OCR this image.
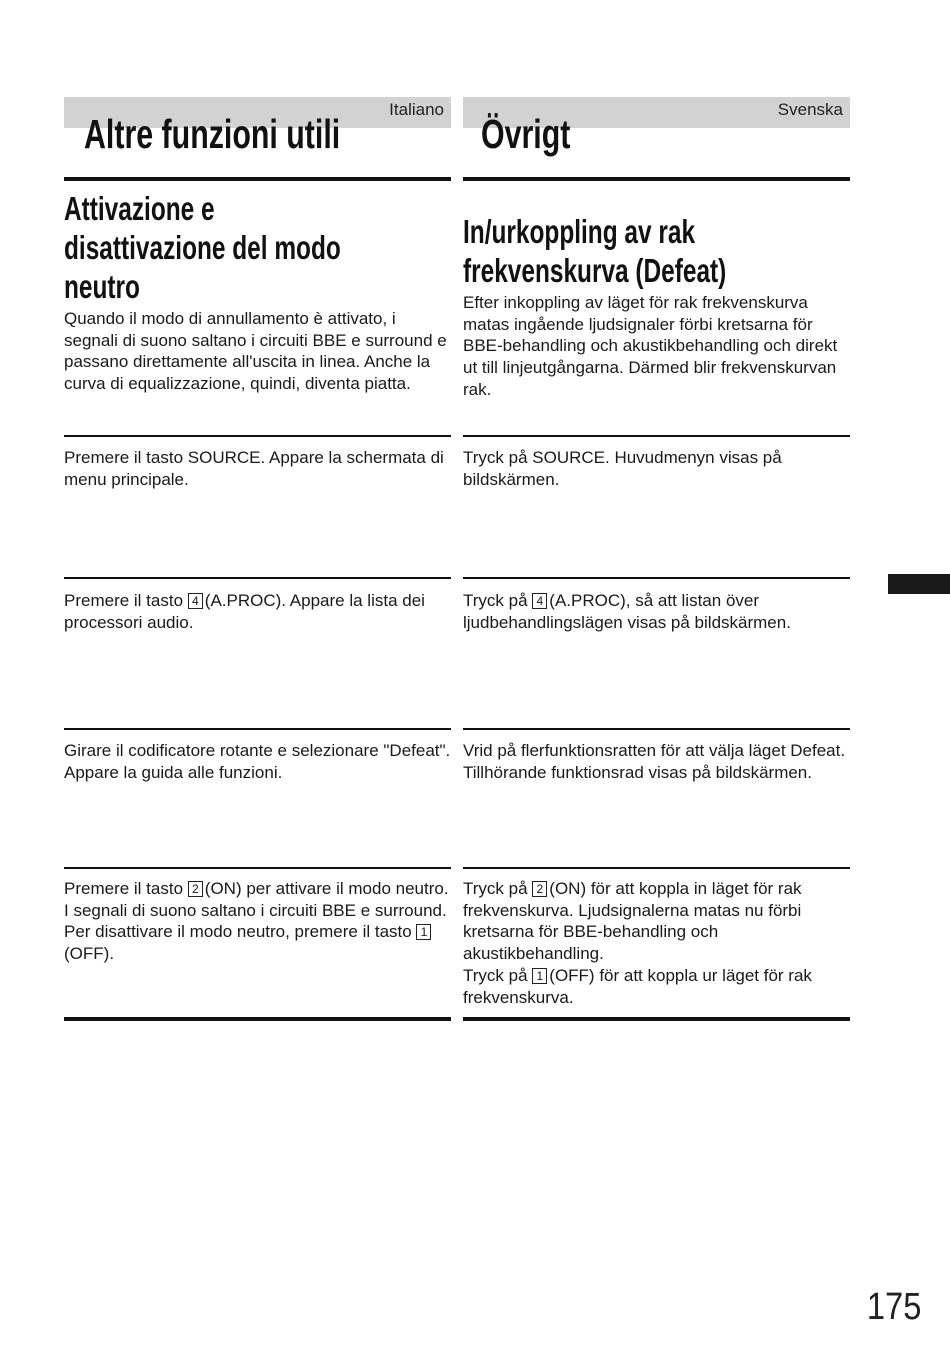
Italiano
Altre funzioni utili
Attivazione e
disattivazione del modo
neutro
Quando il modo di annullamento è attivato, i segnali di suono saltano i circuiti BBE e surround e passano direttamente all'uscita in linea. Anche la curva di equalizzazione, quindi, diventa piatta.
Premere il tasto SOURCE. Appare la schermata di menu principale.
Premere il tasto 4 (A.PROC). Appare la lista dei processori audio.
Girare il codificatore rotante e selezionare "Defeat". Appare la guida alle funzioni.
Premere il tasto 2 (ON) per attivare il modo neutro. I segnali di suono saltano i circuiti BBE e surround.
Per disattivare il modo neutro, premere il tasto 1(OFF).
Svenska
Övrigt
In/urkoppling av rak
frekvenskurva (Defeat)
Efter inkoppling av läget för rak frekvenskurva matas ingående ljudsignaler förbi kretsarna för BBE-behandling och akustikbehandling och direkt ut till linjeutgångarna. Därmed blir frekvenskurvan rak.
Tryck på SOURCE. Huvudmenyn visas på bildskärmen.
Tryck på 4 (A.PROC), så att listan över ljudbehandlingslägen visas på bildskärmen.
Vrid på flerfunktionsratten för att välja läget Defeat. Tillhörande funktionsrad visas på bildskärmen.
Tryck på 2 (ON) för att koppla in läget för rak frekvenskurva. Ljudsignalerna matas nu förbi kretsarna för BBE-behandling och akustikbehandling.
Tryck på 1 (OFF) för att koppla ur läget för rak frekvenskurva.
175
